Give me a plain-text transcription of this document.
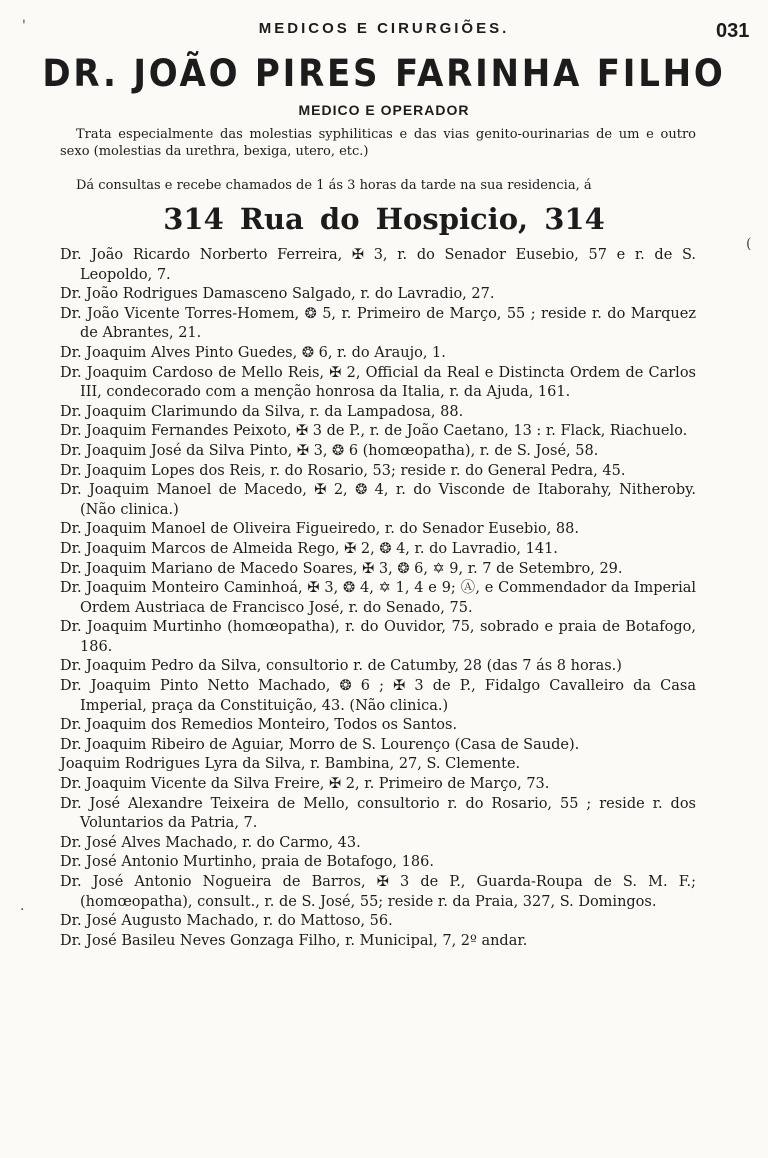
MEDICOS E CIRURGIÕES.	031
DR. JOÃO PIRES FARINHA FILHO
MEDICO E OPERADOR
Trata especialmente das molestias syphiliticas e das vias genito-ourinarias de um e outro sexo (molestias da urethra, bexiga, utero, etc.)
Dá consultas e recebe chamados de 1 ás 3 horas da tarde na sua residencia, á
314 Rua do Hospicio, 314

Dr. João Ricardo Norberto Ferreira, ✠ 3, r. do Senador Eusebio, 57 e r. de S. Leopoldo, 7.

Dr. João Rodrigues Damasceno Salgado, r. do Lavradio, 27.

Dr. João Vicente Torres-Homem, ❂ 5, r. Primeiro de Março, 55 ; reside r. do Marquez de Abrantes, 21.

Dr. Joaquim Alves Pinto Guedes, ❂ 6, r. do Araujo, 1.

Dr. Joaquim Cardoso de Mello Reis, ✠ 2, Official da Real e Distincta Ordem de Carlos III, condecorado com a menção honrosa da Italia, r. da Ajuda, 161.

Dr. Joaquim Clarimundo da Silva, r. da Lampadosa, 88.

Dr. Joaquim Fernandes Peixoto, ✠ 3 de P., r. de João Caetano, 13 : r. Flack, Riachuelo.

Dr. Joaquim José da Silva Pinto, ✠ 3, ❂ 6 (homœopatha), r. de S. José, 58.

Dr. Joaquim Lopes dos Reis, r. do Rosario, 53; reside r. do General Pedra, 45.

Dr. Joaquim Manoel de Macedo, ✠ 2, ❂ 4, r. do Visconde de Itaborahy, Nitheroby. (Não clinica.)

Dr. Joaquim Manoel de Oliveira Figueiredo, r. do Senador Eusebio, 88.

Dr. Joaquim Marcos de Almeida Rego, ✠ 2, ❂ 4, r. do Lavradio, 141.

Dr. Joaquim Mariano de Macedo Soares, ✠ 3, ❂ 6, ✡ 9, r. 7 de Setembro, 29.

Dr. Joaquim Monteiro Caminhoá, ✠ 3, ❂ 4, ✡ 1, 4 e 9; Ⓐ, e Commendador da Imperial Ordem Austriaca de Francisco José, r. do Senado, 75.

Dr. Joaquim Murtinho (homœopatha), r. do Ouvidor, 75, sobrado e praia de Botafogo, 186.

Dr. Joaquim Pedro da Silva, consultorio r. de Catumby, 28 (das 7 ás 8 horas.)

Dr. Joaquim Pinto Netto Machado, ❂ 6 ; ✠ 3 de P., Fidalgo Cavalleiro da Casa Imperial, praça da Constituição, 43. (Não clinica.)

Dr. Joaquim dos Remedios Monteiro, Todos os Santos.

Dr. Joaquim Ribeiro de Aguiar, Morro de S. Lourenço (Casa de Saude).

Joaquim Rodrigues Lyra da Silva, r. Bambina, 27, S. Clemente.

Dr. Joaquim Vicente da Silva Freire, ✠ 2, r. Primeiro de Março, 73.

Dr. José Alexandre Teixeira de Mello, consultorio r. do Rosario, 55 ; reside r. dos Voluntarios da Patria, 7.

Dr. José Alves Machado, r. do Carmo, 43.

Dr. José Antonio Murtinho, praia de Botafogo, 186.

Dr. José Antonio Nogueira de Barros, ✠ 3 de P., Guarda-Roupa de S. M. F.; (homœopatha), consult., r. de S. José, 55; reside r. da Praia, 327, S. Domingos.

Dr. José Augusto Machado, r. do Mattoso, 56.

Dr. José Basileu Neves Gonzaga Filho, r. Municipal, 7, 2º andar.

'
(
·
